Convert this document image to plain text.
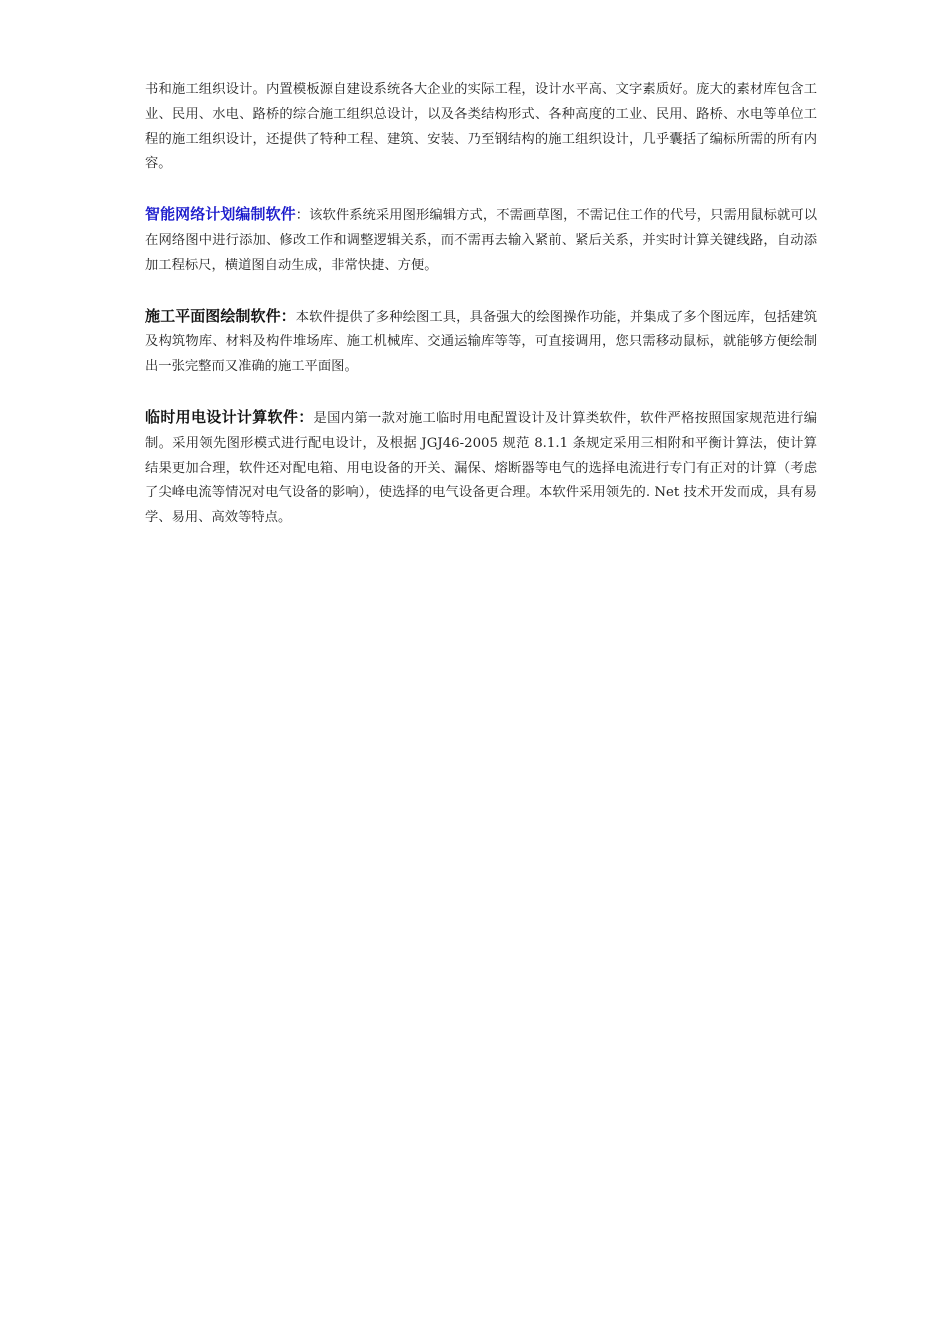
书和施工组织设计。内置模板源自建设系统各大企业的实际工程，设计水平高、文字素质好。庞大的素材库包含工业、民用、水电、路桥的综合施工组织总设计，以及各类结构形式、各种高度的工业、民用、路桥、水电等单位工程的施工组织设计，还提供了特种工程、建筑、安装、乃至钢结构的施工组织设计，几乎囊括了编标所需的所有内容。

智能网络计划编制软件：该软件系统采用图形编辑方式，不需画草图，不需记住工作的代号，只需用鼠标就可以在网络图中进行添加、修改工作和调整逻辑关系，而不需再去输入紧前、紧后关系，并实时计算关键线路，自动添加工程标尺，横道图自动生成，非常快捷、方便。

施工平面图绘制软件：本软件提供了多种绘图工具，具备强大的绘图操作功能，并集成了多个图远库，包括建筑及构筑物库、材料及构件堆场库、施工机械库、交通运输库等等，可直接调用，您只需移动鼠标，就能够方便绘制出一张完整而又准确的施工平面图。

临时用电设计计算软件：是国内第一款对施工临时用电配置设计及计算类软件，软件严格按照国家规范进行编制。采用领先图形模式进行配电设计，及根据 JGJ46-2005 规范 8.1.1 条规定采用三相附和平衡计算法，使计算结果更加合理，软件还对配电箱、用电设备的开关、漏保、熔断器等电气的选择电流进行专门有正对的计算（考虑了尖峰电流等情况对电气设备的影响），使选择的电气设备更合理。本软件采用领先的. Net 技术开发而成，具有易学、易用、高效等特点。
